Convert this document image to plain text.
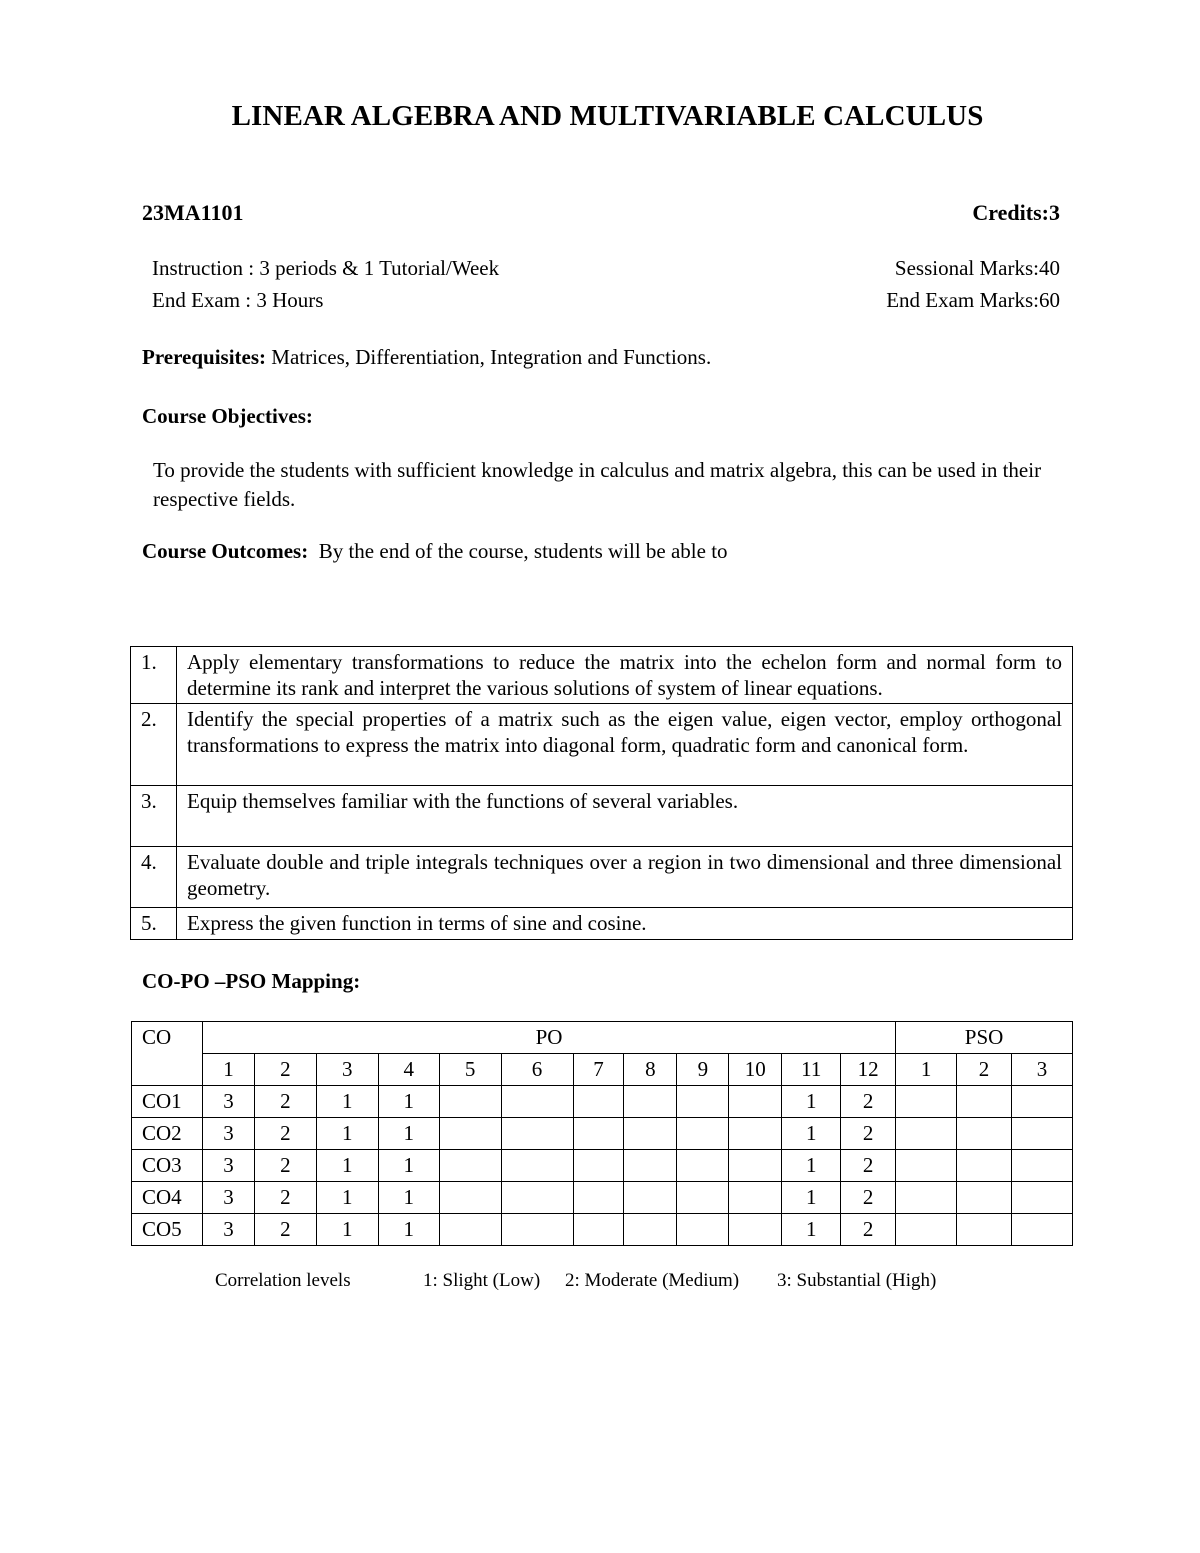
LINEAR ALGEBRA AND MULTIVARIABLE CALCULUS
23MA1101	Credits:3
Instruction : 3 periods & 1 Tutorial/Week
End Exam : 3 Hours
Sessional Marks:40
End Exam Marks:60
Prerequisites: Matrices, Differentiation, Integration and Functions.
Course Objectives:
To provide the students with sufficient knowledge in calculus and matrix algebra, this can be used in their respective fields.
Course Outcomes:  By the end of the course, students will be able to
1.	Apply elementary transformations to reduce the matrix into the echelon form and normal form to determine its rank and interpret the various solutions of system of linear equations.
2.	Identify the special properties of a matrix such as the eigen value, eigen vector, employ orthogonal transformations to express the matrix into diagonal form, quadratic form and canonical form.
3.	Equip themselves familiar with the functions of several variables.
4.	Evaluate double and triple integrals techniques over a region in two dimensional and three dimensional geometry.
5.	Express the given function in terms of sine and cosine.
CO-PO –PSO Mapping:
CO	PO												PSO		
	1	2	3	4	5	6	7	8	9	10	11	12	1	2	3
CO1	3	2	1	1							1	2			
CO2	3	2	1	1							1	2			
CO3	3	2	1	1							1	2			
CO4	3	2	1	1							1	2			
CO5	3	2	1	1							1	2			
Correlation levels	1: Slight (Low) 2: Moderate (Medium) 3: Substantial (High)
